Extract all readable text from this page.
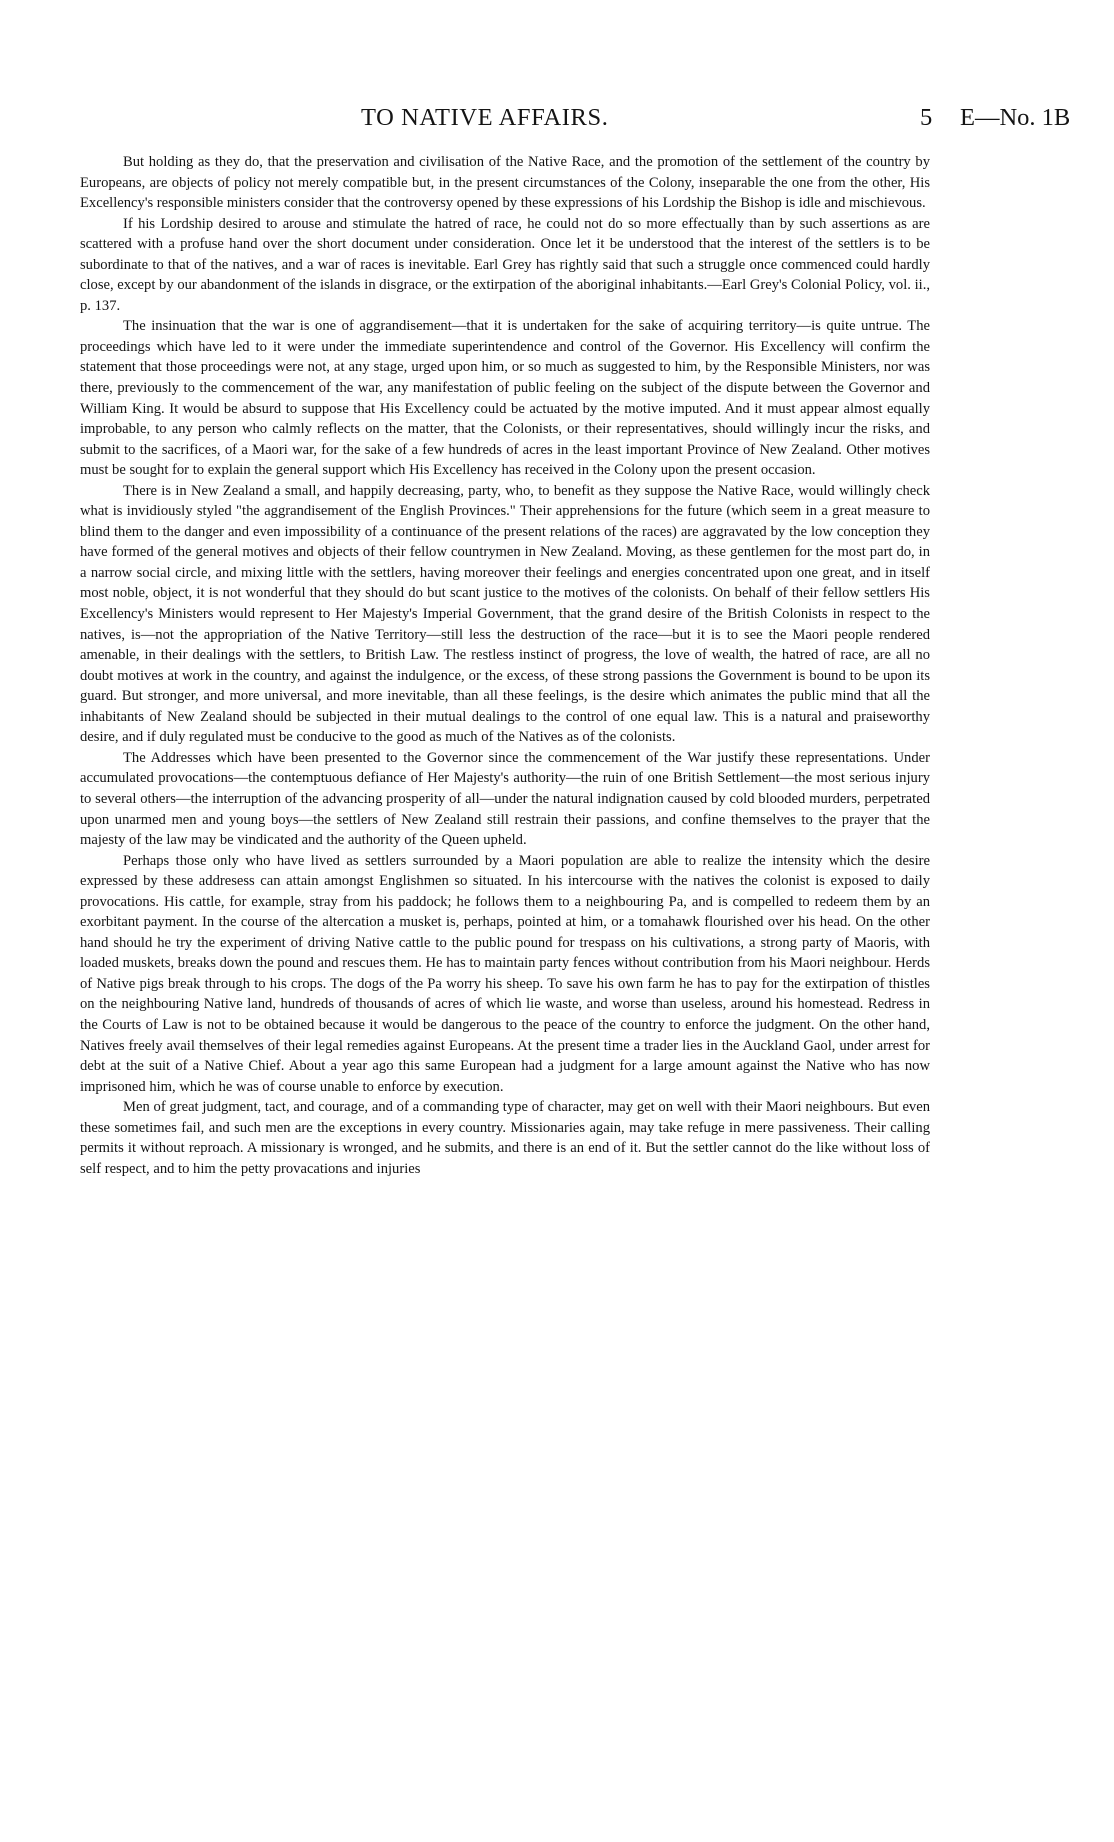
TO NATIVE AFFAIRS.	5 E—No. 1B

But holding as they do, that the preservation and civilisation of the Native Race, and the promotion of the settlement of the country by Europeans, are objects of policy not merely compatible but, in the present circumstances of the Colony, inseparable the one from the other, His Excellency's responsible ministers consider that the controversy opened by these expressions of his Lordship the Bishop is idle and mischievous.

If his Lordship desired to arouse and stimulate the hatred of race, he could not do so more effectually than by such assertions as are scattered with a profuse hand over the short document under consideration. Once let it be understood that the interest of the settlers is to be subordinate to that of the natives, and a war of races is inevitable. Earl Grey has rightly said that such a struggle once commenced could hardly close, except by our abandonment of the islands in disgrace, or the extirpation of the aboriginal inhabitants.—Earl Grey's Colonial Policy, vol. ii., p. 137.

The insinuation that the war is one of aggrandisement—that it is undertaken for the sake of acquiring territory—is quite untrue. The proceedings which have led to it were under the immediate superintendence and control of the Governor. His Excellency will confirm the statement that those proceedings were not, at any stage, urged upon him, or so much as suggested to him, by the Responsible Ministers, nor was there, previously to the commencement of the war, any manifestation of public feeling on the subject of the dispute between the Governor and William King. It would be absurd to suppose that His Excellency could be actuated by the motive imputed. And it must appear almost equally improbable, to any person who calmly reflects on the matter, that the Colonists, or their representatives, should willingly incur the risks, and submit to the sacrifices, of a Maori war, for the sake of a few hundreds of acres in the least important Province of New Zealand. Other motives must be sought for to explain the general support which His Excellency has received in the Colony upon the present occasion.

There is in New Zealand a small, and happily decreasing, party, who, to benefit as they suppose the Native Race, would willingly check what is invidiously styled "the aggrandisement of the English Provinces." Their apprehensions for the future (which seem in a great measure to blind them to the danger and even impossibility of a continuance of the present relations of the races) are aggravated by the low conception they have formed of the general motives and objects of their fellow countrymen in New Zealand. Moving, as these gentlemen for the most part do, in a narrow social circle, and mixing little with the settlers, having moreover their feelings and energies concentrated upon one great, and in itself most noble, object, it is not wonderful that they should do but scant justice to the motives of the colonists. On behalf of their fellow settlers His Excellency's Ministers would represent to Her Majesty's Imperial Government, that the grand desire of the British Colonists in respect to the natives, is—not the appropriation of the Native Territory—still less the destruction of the race—but it is to see the Maori people rendered amenable, in their dealings with the settlers, to British Law. The restless instinct of progress, the love of wealth, the hatred of race, are all no doubt motives at work in the country, and against the indulgence, or the excess, of these strong passions the Government is bound to be upon its guard. But stronger, and more universal, and more inevitable, than all these feelings, is the desire which animates the public mind that all the inhabitants of New Zealand should be subjected in their mutual dealings to the control of one equal law. This is a natural and praiseworthy desire, and if duly regulated must be conducive to the good as much of the Natives as of the colonists.

The Addresses which have been presented to the Governor since the commencement of the War justify these representations. Under accumulated provocations—the contemptuous defiance of Her Majesty's authority—the ruin of one British Settlement—the most serious injury to several others—the interruption of the advancing prosperity of all—under the natural indignation caused by cold blooded murders, perpetrated upon unarmed men and young boys—the settlers of New Zealand still restrain their passions, and confine themselves to the prayer that the majesty of the law may be vindicated and the authority of the Queen upheld.

Perhaps those only who have lived as settlers surrounded by a Maori population are able to realize the intensity which the desire expressed by these addresess can attain amongst Englishmen so situated. In his intercourse with the natives the colonist is exposed to daily provocations. His cattle, for example, stray from his paddock; he follows them to a neighbouring Pa, and is compelled to redeem them by an exorbitant payment. In the course of the altercation a musket is, perhaps, pointed at him, or a tomahawk flourished over his head. On the other hand should he try the experiment of driving Native cattle to the public pound for trespass on his cultivations, a strong party of Maoris, with loaded muskets, breaks down the pound and rescues them. He has to maintain party fences without contribution from his Maori neighbour. Herds of Native pigs break through to his crops. The dogs of the Pa worry his sheep. To save his own farm he has to pay for the extirpation of thistles on the neighbouring Native land, hundreds of thousands of acres of which lie waste, and worse than useless, around his homestead. Redress in the Courts of Law is not to be obtained because it would be dangerous to the peace of the country to enforce the judgment. On the other hand, Natives freely avail themselves of their legal remedies against Europeans. At the present time a trader lies in the Auckland Gaol, under arrest for debt at the suit of a Native Chief. About a year ago this same European had a judgment for a large amount against the Native who has now imprisoned him, which he was of course unable to enforce by execution.

Men of great judgment, tact, and courage, and of a commanding type of character, may get on well with their Maori neighbours. But even these sometimes fail, and such men are the exceptions in every country. Missionaries again, may take refuge in mere passiveness. Their calling permits it without reproach. A missionary is wronged, and he submits, and there is an end of it. But the settler cannot do the like without loss of self respect, and to him the petty provacations and injuries
